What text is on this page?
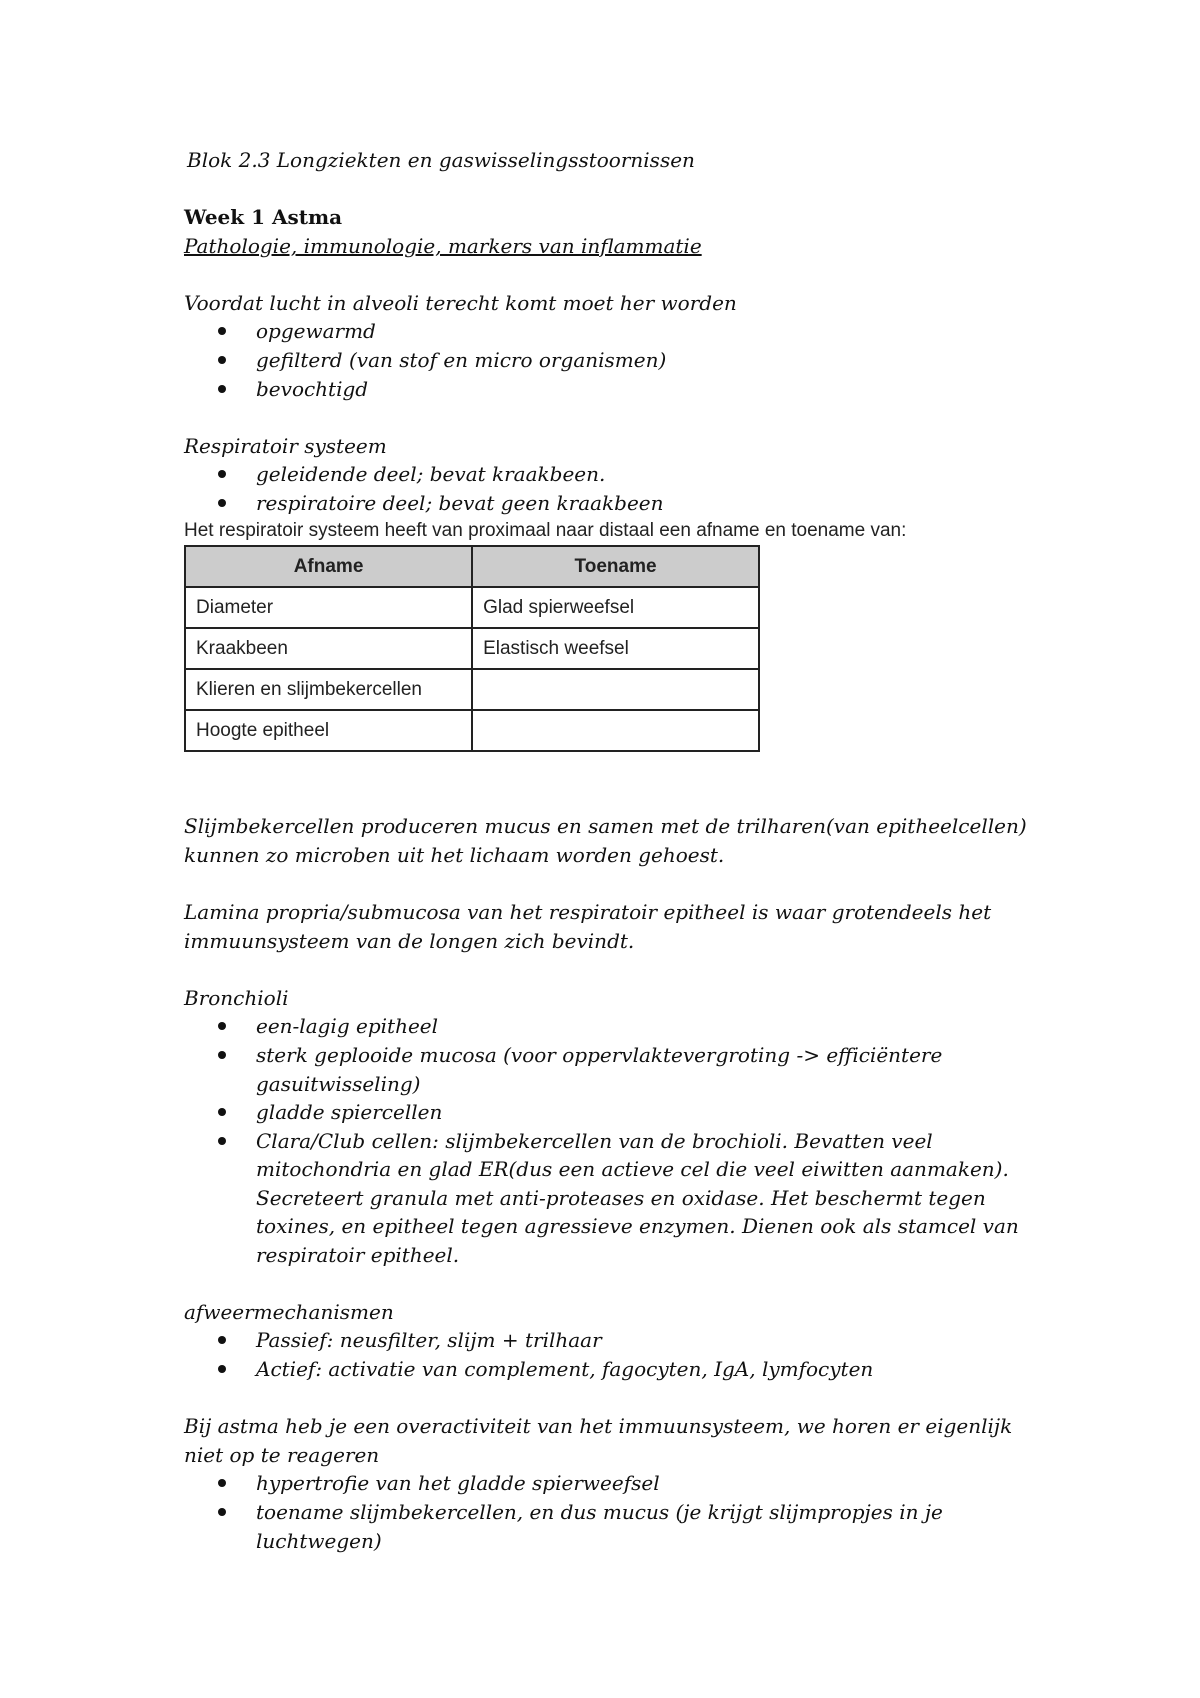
Blok 2.3 Longziekten en gaswisselingsstoornissen
Week 1 Astma
Pathologie, immunologie, markers van inflammatie
Voordat lucht in alveoli terecht komt moet her worden
opgewarmd
gefilterd (van stof en micro organismen)
bevochtigd
Respiratoir systeem
geleidende deel; bevat kraakbeen.
respiratoire deel; bevat geen kraakbeen
Het respiratoir systeem heeft van proximaal naar distaal een afname en toename van:
Afname	Toename
Diameter	Glad spierweefsel
Kraakbeen	Elastisch weefsel
Klieren en slijmbekercellen	
Hoogte epitheel	
Slijmbekercellen produceren mucus en samen met de trilharen(van epitheelcellen)
kunnen zo microben uit het lichaam worden gehoest.
Lamina propria/submucosa van het respiratoir epitheel is waar grotendeels het
immuunsysteem van de longen zich bevindt.
Bronchioli
een-lagig epitheel
sterk geplooide mucosa (voor oppervlaktevergroting -> efficiëntere
gasuitwisseling)
gladde spiercellen
Clara/Club cellen: slijmbekercellen van de brochioli. Bevatten veel
mitochondria en glad ER(dus een actieve cel die veel eiwitten aanmaken).
Secreteert granula met anti-proteases en oxidase. Het beschermt tegen
toxines, en epitheel tegen agressieve enzymen. Dienen ook als stamcel van
respiratoir epitheel.
afweermechanismen
Passief: neusfilter, slijm + trilhaar
Actief: activatie van complement, fagocyten, IgA, lymfocyten
Bij astma heb je een overactiviteit van het immuunsysteem, we horen er eigenlijk
niet op te reageren
hypertrofie van het gladde spierweefsel
toename slijmbekercellen, en dus mucus (je krijgt slijmpropjes in je
luchtwegen)
